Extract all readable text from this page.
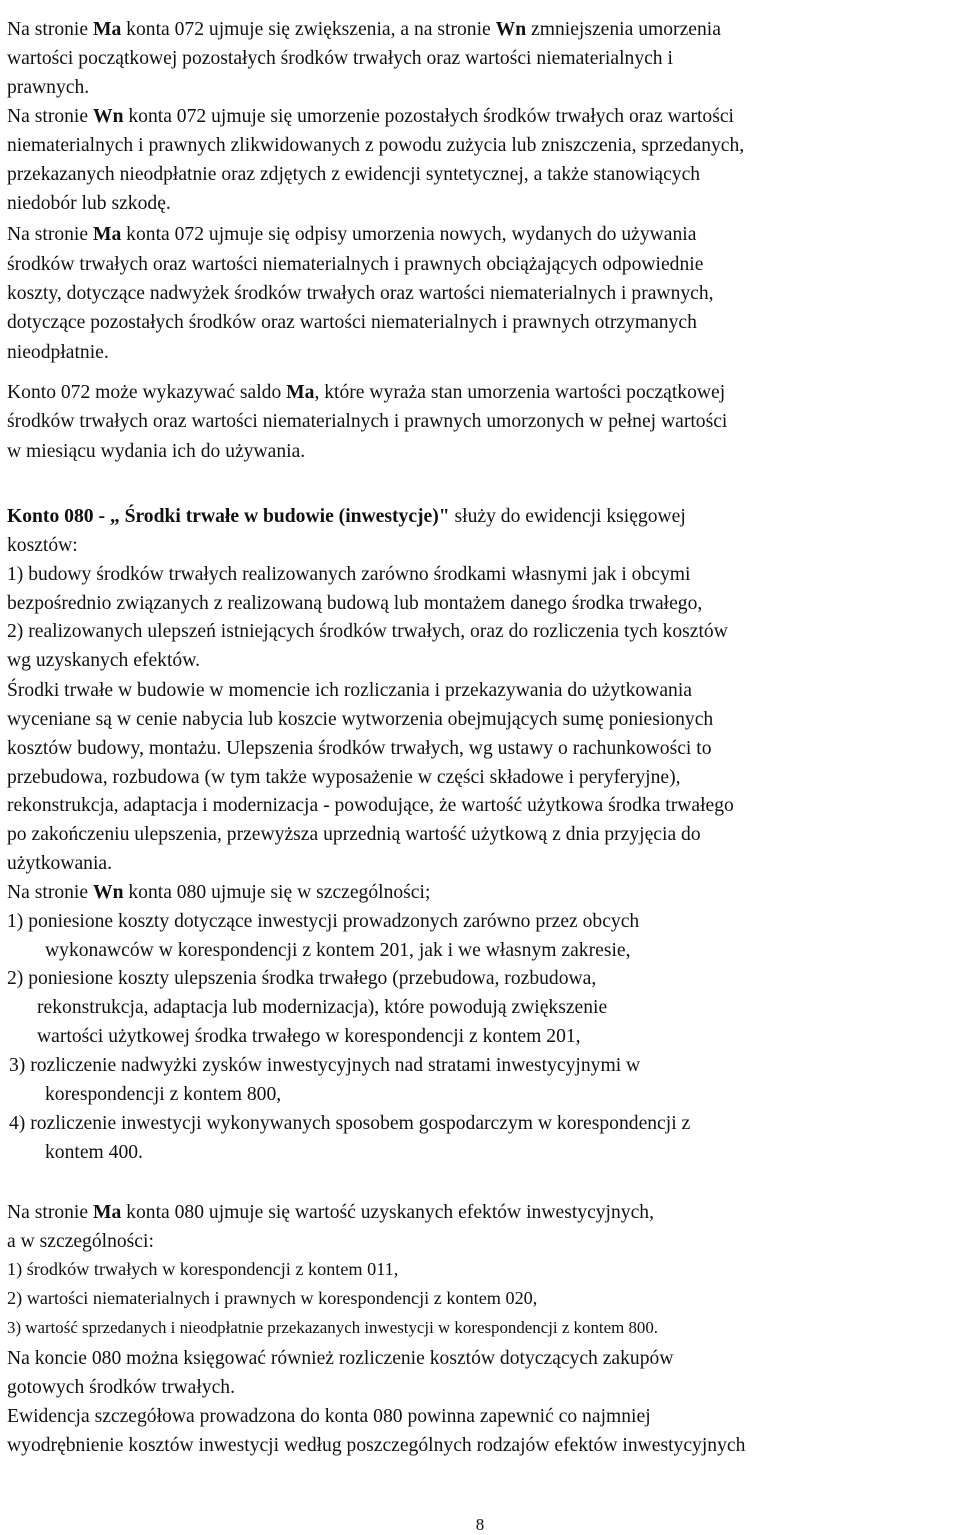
Na stronie Ma konta 072 ujmuje się zwiększenia, a na stronie Wn zmniejszenia umorzenia
wartości początkowej pozostałych środków trwałych oraz wartości niematerialnych i
prawnych.
Na stronie Wn konta 072 ujmuje się umorzenie pozostałych środków trwałych oraz wartości
niematerialnych i prawnych zlikwidowanych z powodu zużycia lub zniszczenia, sprzedanych,
przekazanych nieodpłatnie oraz zdjętych z ewidencji syntetycznej, a także stanowiących
niedobór lub szkodę.
Na stronie Ma konta 072 ujmuje się odpisy umorzenia nowych, wydanych do używania
środków trwałych oraz wartości niematerialnych i prawnych obciążających odpowiednie
koszty, dotyczące nadwyżek środków trwałych oraz wartości niematerialnych i prawnych,
dotyczące pozostałych środków oraz wartości niematerialnych i prawnych otrzymanych
nieodpłatnie.
Konto 072 może wykazywać saldo Ma, które wyraża stan umorzenia wartości początkowej
środków trwałych oraz wartości niematerialnych i prawnych umorzonych w pełnej wartości
w miesiącu wydania ich do używania.
Konto 080 - „ Środki trwałe w budowie (inwestycje)" służy do ewidencji księgowej
kosztów:
1) budowy środków trwałych realizowanych zarówno środkami własnymi jak i obcymi
bezpośrednio związanych z realizowaną budową lub montażem danego środka trwałego,
2) realizowanych ulepszeń istniejących środków trwałych, oraz do rozliczenia tych kosztów
wg uzyskanych efektów.
Środki trwałe w budowie w momencie ich rozliczania i przekazywania do użytkowania
wyceniane są w cenie nabycia lub koszcie wytworzenia obejmujących sumę poniesionych
kosztów budowy, montażu. Ulepszenia środków trwałych, wg ustawy o rachunkowości to
przebudowa, rozbudowa (w tym także wyposażenie w części składowe i peryferyjne),
rekonstrukcja, adaptacja i modernizacja - powodujące, że wartość użytkowa środka trwałego
po zakończeniu ulepszenia, przewyższa uprzednią wartość użytkową z dnia przyjęcia do
użytkowania.
Na stronie Wn konta 080 ujmuje się w szczególności;
1) poniesione koszty dotyczące inwestycji prowadzonych zarówno przez obcych
wykonawców w korespondencji z kontem 201, jak i we własnym zakresie,
2) poniesione koszty ulepszenia środka trwałego (przebudowa, rozbudowa,
rekonstrukcja, adaptacja lub modernizacja), które powodują zwiększenie
wartości użytkowej środka trwałego w korespondencji z kontem 201,
3) rozliczenie nadwyżki zysków inwestycyjnych nad stratami inwestycyjnymi w
korespondencji z kontem 800,
4) rozliczenie inwestycji wykonywanych sposobem gospodarczym w korespondencji z
kontem 400.
Na stronie Ma konta 080 ujmuje się wartość uzyskanych efektów inwestycyjnych,
a w szczególności:
1) środków trwałych w korespondencji z kontem 011,
2) wartości niematerialnych i prawnych w korespondencji z kontem 020,
3) wartość sprzedanych i nieodpłatnie przekazanych inwestycji w korespondencji z kontem 800.
Na koncie 080 można księgować również rozliczenie kosztów dotyczących zakupów
gotowych środków trwałych.
Ewidencja szczegółowa prowadzona do konta 080 powinna zapewnić co najmniej
wyodrębnienie kosztów inwestycji według poszczególnych rodzajów efektów inwestycyjnych
8
